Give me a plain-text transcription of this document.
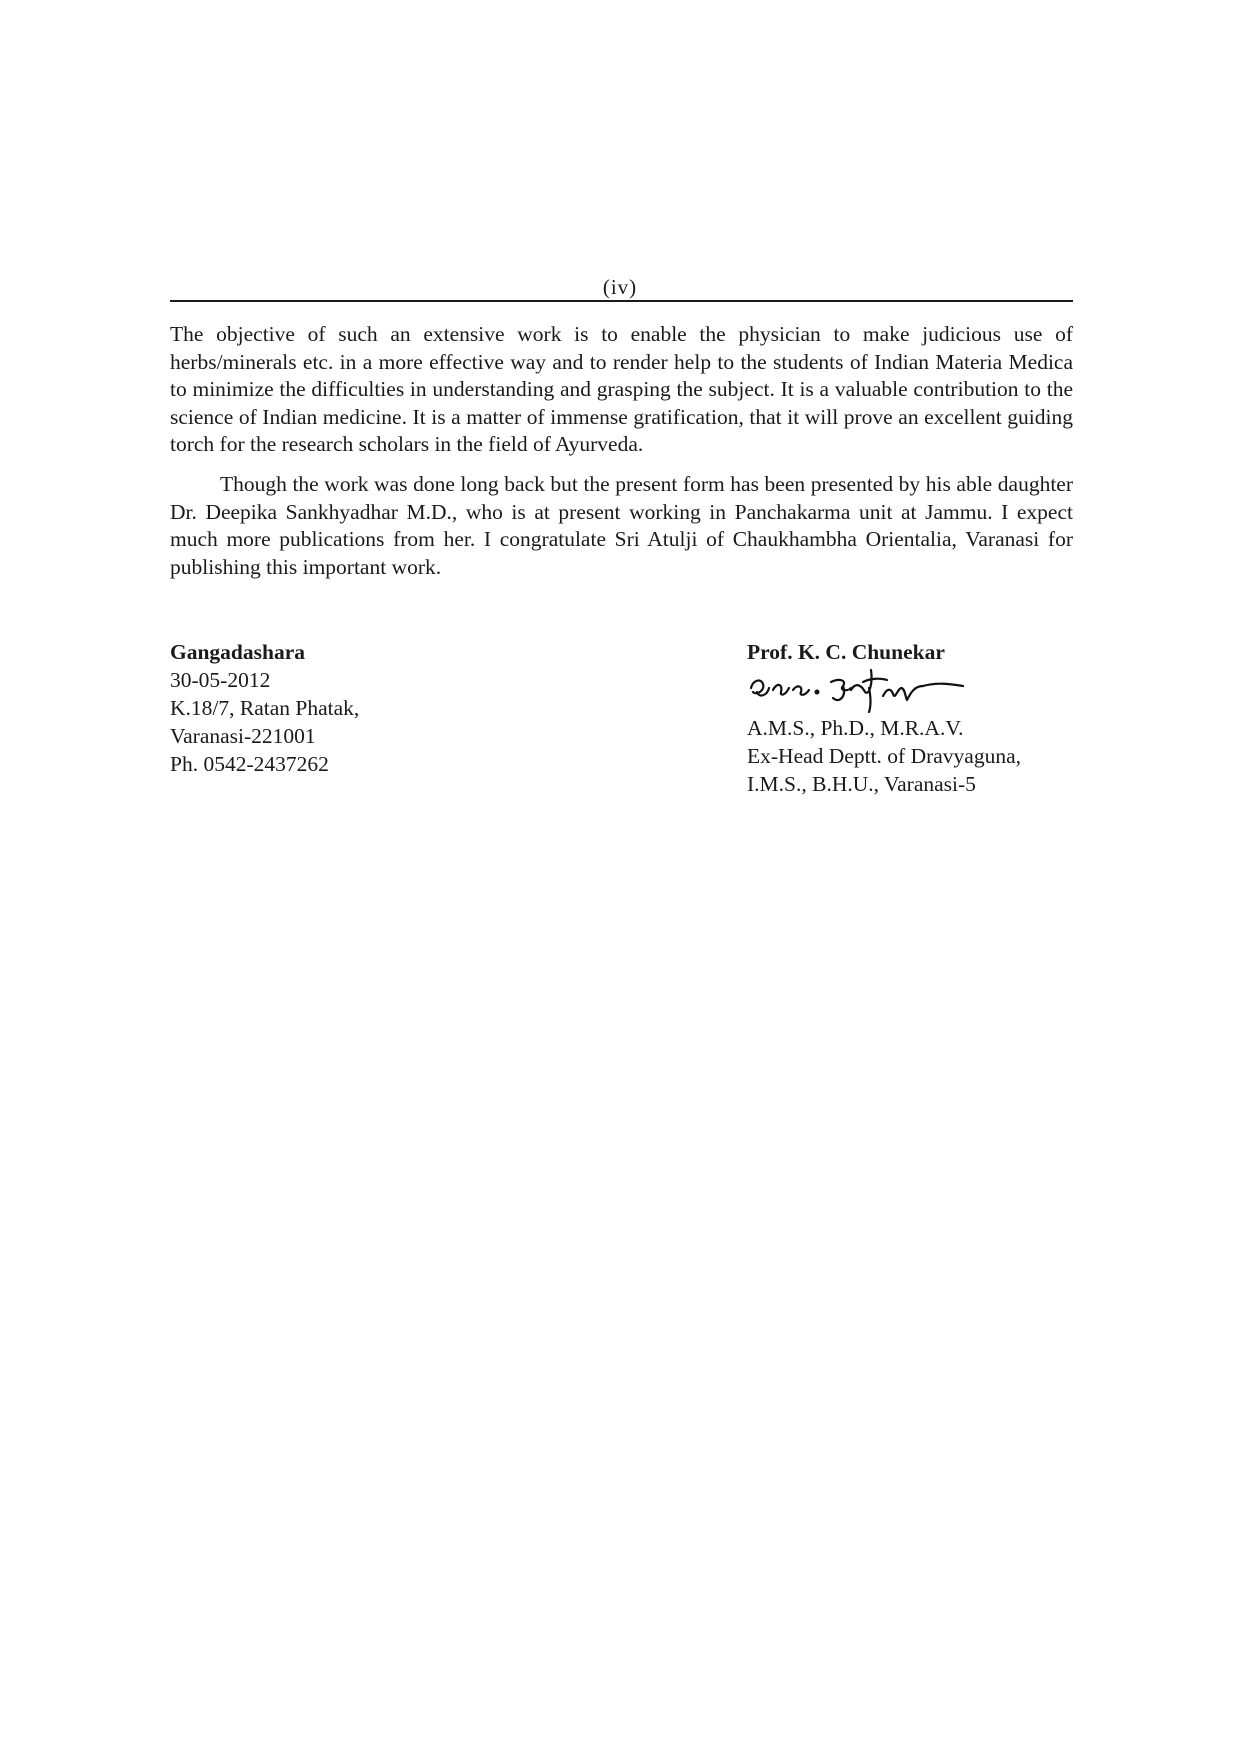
(iv)

The objective of such an extensive work is to enable the physician to make judicious use of herbs/minerals etc. in a more effective way and to render help to the students of Indian Materia Medica to minimize the difficulties in understanding and grasping the subject. It is a valuable contribution to the science of Indian medicine. It is a matter of immense gratification, that it will prove an excellent guiding torch for the research scholars in the field of Ayurveda.

Though the work was done long back but the present form has been presented by his able daughter Dr. Deepika Sankhyadhar M.D., who is at present working in Panchakarma unit at Jammu. I expect much more publications from her. I congratulate Sri Atulji of Chaukhambha Orientalia, Varanasi for publishing this important work.

Gangadashara
30-05-2012
K.18/7, Ratan Phatak,
Varanasi-221001
Ph. 0542-2437262
Prof. K. C. Chunekar
A.M.S., Ph.D., M.R.A.V.
Ex-Head Deptt. of Dravyaguna,
I.M.S., B.H.U., Varanasi-5
